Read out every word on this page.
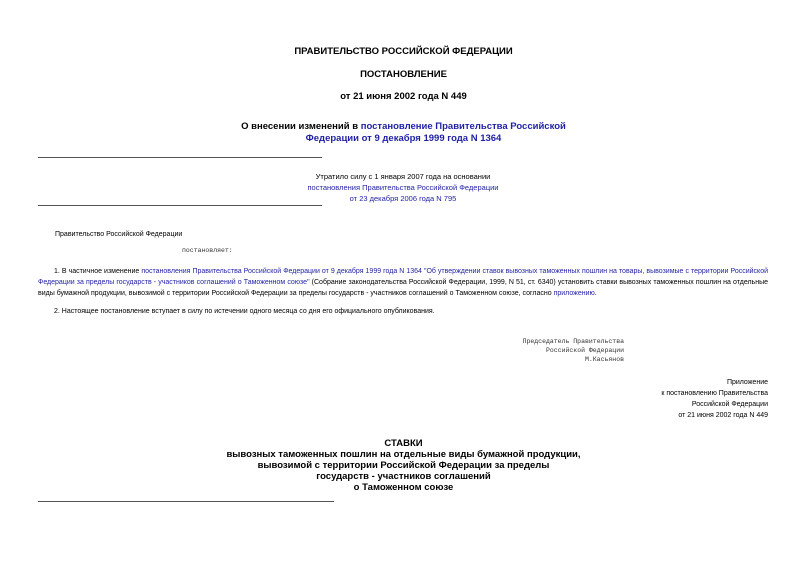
ПРАВИТЕЛЬСТВО РОССИЙСКОЙ ФЕДЕРАЦИИ
ПОСТАНОВЛЕНИЕ
от 21 июня 2002 года N 449
О внесении изменений в постановление Правительства Российской
Федерации от 9 декабря 1999 года N 1364
Утратило силу с 1 января 2007 года на основании
постановления Правительства Российской Федерации
от 23 декабря 2006 года N 795
Правительство Российской Федерации
постановляет:
1. В частичное изменение постановления Правительства Российской Федерации от 9 декабря 1999 года N 1364 "Об утверждении ставок вывозных таможенных пошлин на товары, вывозимые с территории Российской Федерации за пределы государств - участников соглашений о Таможенном союзе" (Собрание законодательства Российской Федерации, 1999, N 51, ст. 6340) установить ставки вывозных таможенных пошлин на отдельные виды бумажной продукции, вывозимой с территории Российской Федерации за пределы государств - участников соглашений о Таможенном союзе, согласно приложению.
2. Настоящее постановление вступает в силу по истечении одного месяца со дня его официального опубликования.
Председатель Правительства
Российской Федерации
М.Касьянов
Приложение
к постановлению Правительства
Российской Федерации
от 21 июня 2002 года N 449
СТАВКИ
вывозных таможенных пошлин на отдельные виды бумажной продукции,
вывозимой с территории Российской Федерации за пределы
государств - участников соглашений
о Таможенном союзе
